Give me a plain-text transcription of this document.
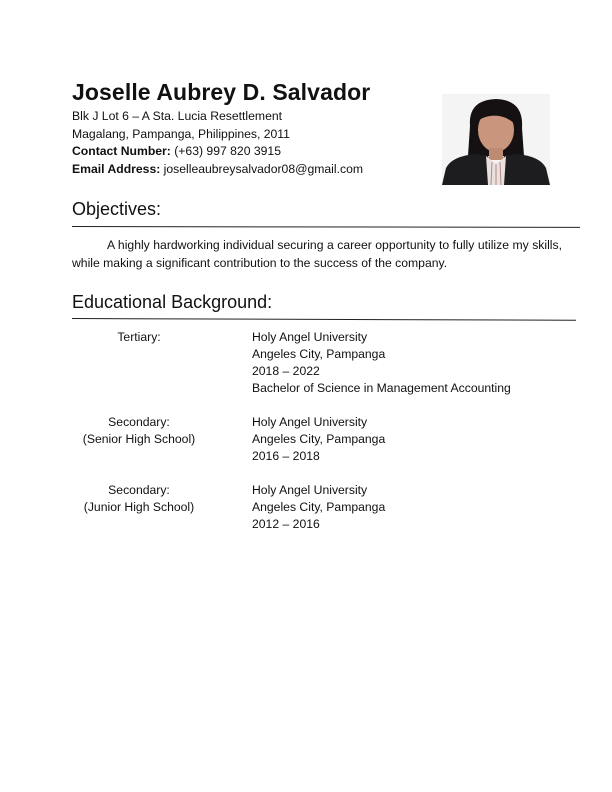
Joselle Aubrey D. Salvador
Blk J Lot 6 – A Sta. Lucia Resettlement
Magalang, Pampanga, Philippines, 2011
Contact Number: (+63) 997 820 3915
Email Address: joselleaubreysalvador08@gmail.com
Objectives:
A highly hardworking individual securing a career opportunity to fully utilize my skills, while making a significant contribution to the success of the company.
Educational Background:
Tertiary:	Holy Angel University
Angeles City, Pampanga
2018 – 2022
Bachelor of Science in Management Accounting
Secondary:
(Senior High School)
Holy Angel University
Angeles City, Pampanga
2016 – 2018
Secondary:
(Junior High School)
Holy Angel University
Angeles City, Pampanga
2012 – 2016
